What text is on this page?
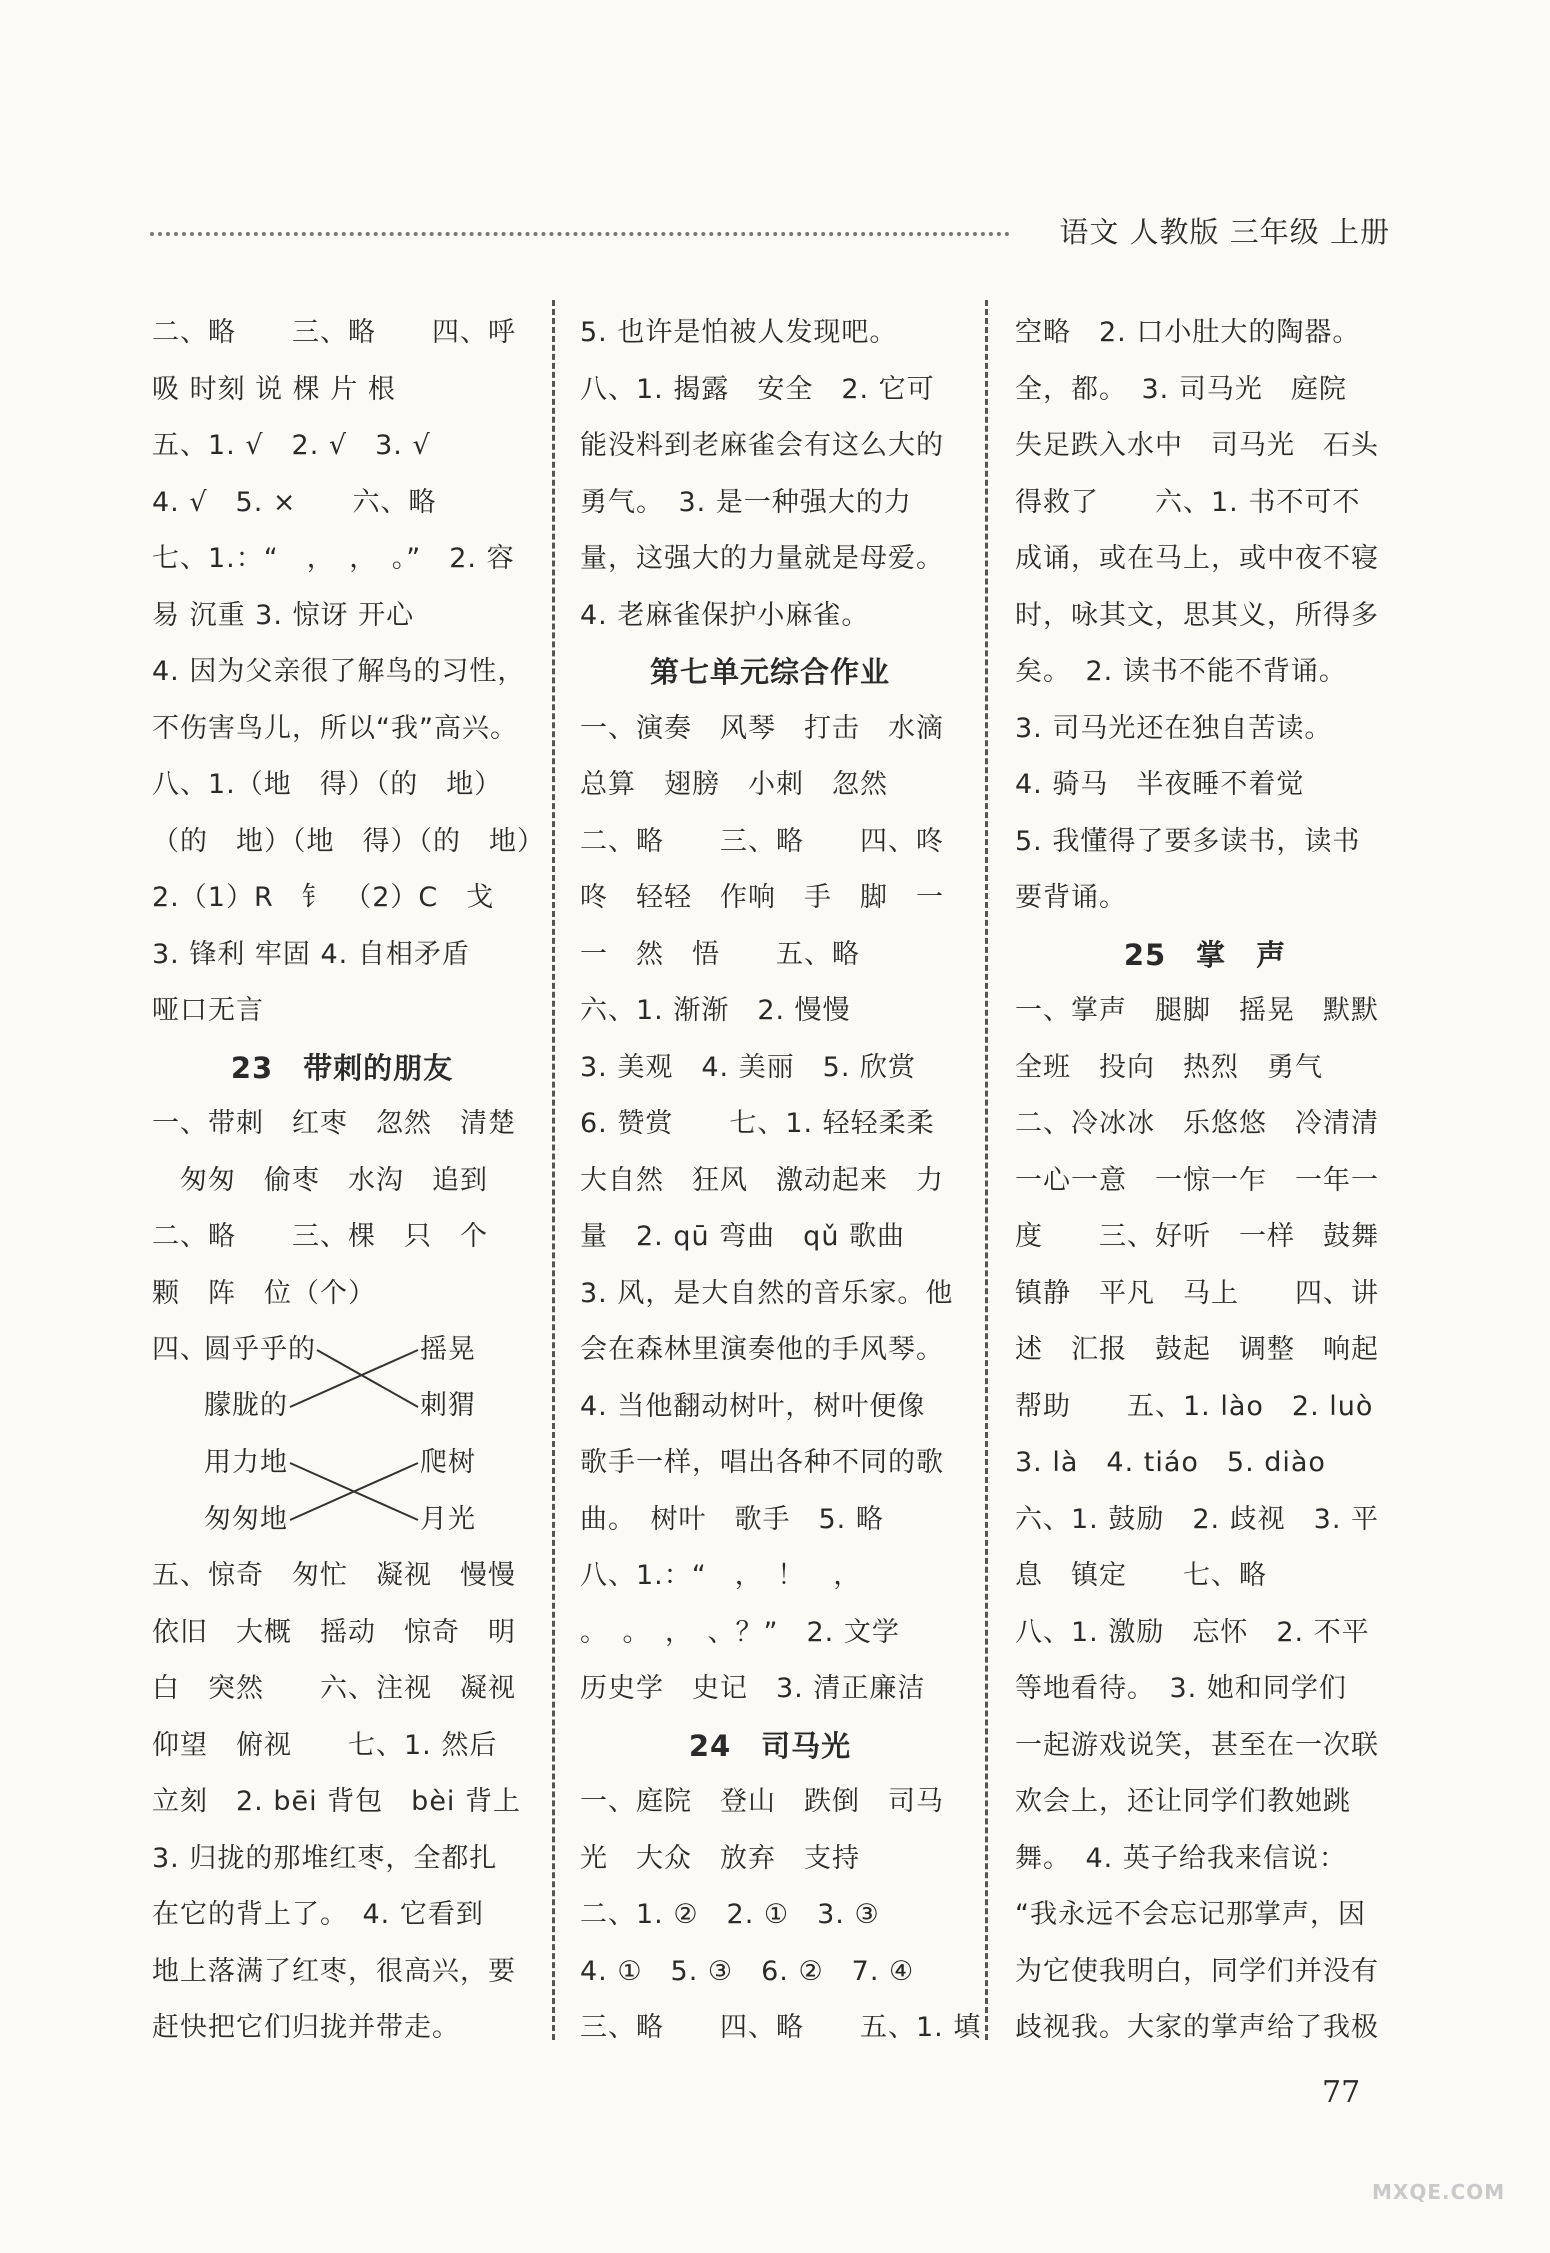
语文 人教版 三年级 上册
二、略　　三、略　　四、呼
吸 时刻 说 棵 片 根
五、1. √　2. √　3. √
4. √　5. ×　　六、略
七、1.：“　，　，　。”　2. 容
易 沉重 3. 惊讶 开心
4. 因为父亲很了解鸟的习性，
不伤害鸟儿，所以“我”高兴。
八、1.（地　得）（的　地）
（的　地）（地　得）（的　地）
2.（1）R　钅　（2）C　戈
3. 锋利 牢固 4. 自相矛盾
哑口无言
23　带刺的朋友
一、带刺　红枣　忽然　清楚
　匆匆　偷枣　水沟　追到
二、略　　三、棵　只　个
颗　阵　位（个）
四、
圆乎乎的
朦胧的
用力地
匆匆地
摇晃
刺猬
爬树
月光
五、惊奇　匆忙　凝视　慢慢
依旧　大概　摇动　惊奇　明
白　突然　　六、注视　凝视
仰望　俯视　　七、1. 然后
立刻　2. bēi 背包　bèi 背上
3. 归拢的那堆红枣，全都扎
在它的背上了。　4. 它看到
地上落满了红枣，很高兴，要
赶快把它们归拢并带走。
5. 也许是怕被人发现吧。
八、1. 揭露　安全　2. 它可
能没料到老麻雀会有这么大的
勇气。　3. 是一种强大的力
量，这强大的力量就是母爱。
4. 老麻雀保护小麻雀。
第七单元综合作业
一、演奏　风琴　打击　水滴
总算　翅膀　小刺　忽然
二、略　　三、略　　四、咚
咚　轻轻　作响　手　脚　一
一　然　悟　　五、略
六、1. 渐渐　2. 慢慢
3. 美观　4. 美丽　5. 欣赏
6. 赞赏　　七、1. 轻轻柔柔
大自然　狂风　激动起来　力
量　2. qū 弯曲　qǔ 歌曲
3. 风，是大自然的音乐家。他
会在森林里演奏他的手风琴。
4. 当他翻动树叶，树叶便像
歌手一样，唱出各种不同的歌
曲。　树叶　歌手　5. 略
八、1.：“　，　！　，
。　。　，　、？”　2. 文学
历史学　史记　3. 清正廉洁
24　司马光
一、庭院　登山　跌倒　司马
光　大众　放弃　支持
二、1. ②　2. ①　3. ③
4. ①　5. ③　6. ②　7. ④
三、略　　四、略　　五、1. 填
空略　2. 口小肚大的陶器。
全，都。　3. 司马光　庭院
失足跌入水中　司马光　石头
得救了　　六、1. 书不可不
成诵，或在马上，或中夜不寝
时，咏其文，思其义，所得多
矣。　2. 读书不能不背诵。
3. 司马光还在独自苦读。
4. 骑马　半夜睡不着觉
5. 我懂得了要多读书，读书
要背诵。
25　掌　声
一、掌声　腿脚　摇晃　默默
全班　投向　热烈　勇气
二、冷冰冰　乐悠悠　冷清清
一心一意　一惊一乍　一年一
度　　三、好听　一样　鼓舞
镇静　平凡　马上　　四、讲
述　汇报　鼓起　调整　响起
帮助　　五、1. lào　2. luò
3. là　4. tiáo　5. diào
六、1. 鼓励　2. 歧视　3. 平
息　镇定　　七、略
八、1. 激励　忘怀　2. 不平
等地看待。　3. 她和同学们
一起游戏说笑，甚至在一次联
欢会上，还让同学们教她跳
舞。　4. 英子给我来信说：
“我永远不会忘记那掌声，因
为它使我明白，同学们并没有
歧视我。大家的掌声给了我极
77
MXQE.COM
